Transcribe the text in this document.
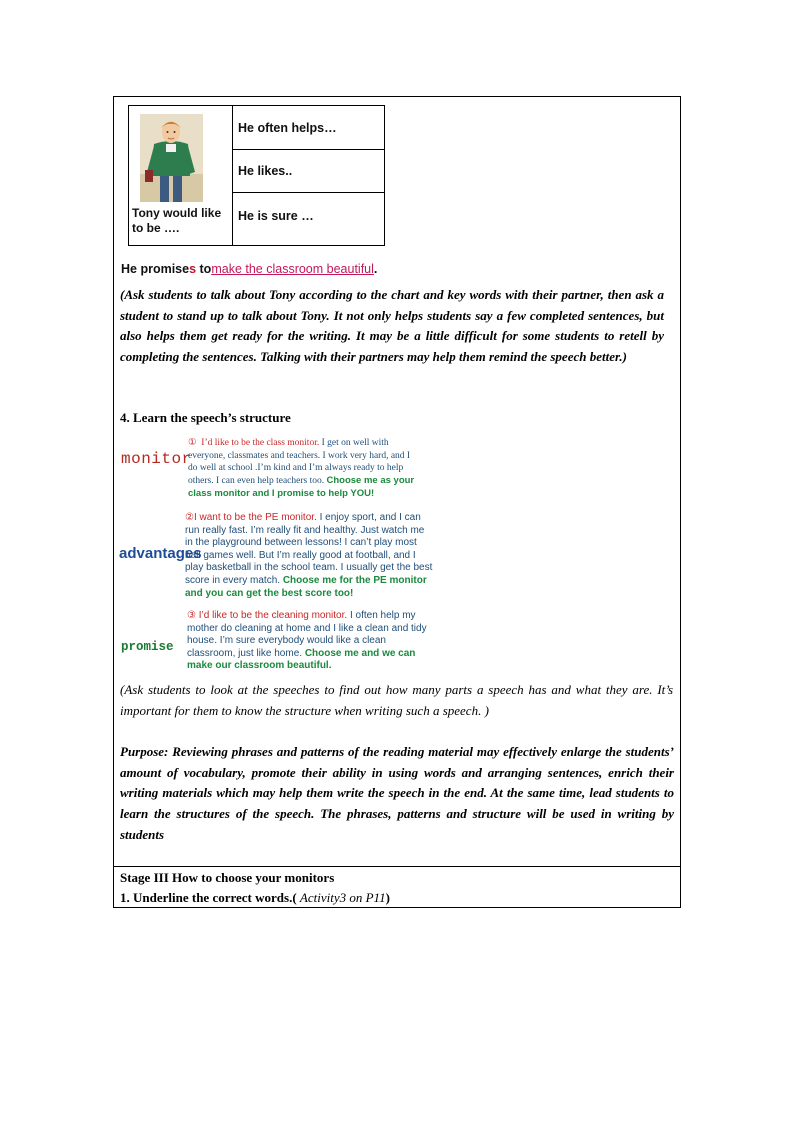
Tony would like to be ….
He often helps…
He likes..
He is sure …
He promises tomake the classroom beautiful.
(Ask students to talk about Tony according to the chart and key words with their partner, then ask a student to stand up to talk about Tony. It not only helps students say a few completed sentences, but also helps them get ready for the writing. It may be a little difficult for some students to retell by completing the sentences. Talking with their partners may help them remind the speech better.)
4. Learn the speech’s structure
monitor
advantages
promise
① I’d like to be the class monitor. I get on well with everyone, classmates and teachers. I work very hard, and I do well at school .I’m kind and I’m always ready to help others. I can even help teachers too. Choose me as your class monitor and I promise to help YOU!
②I want to be the PE monitor. I enjoy sport, and I can run really fast. I’m really fit and healthy. Just watch me in the playground between lessons! I can’t play most ball games well. But I’m really good at football, and I play basketball in the school team. I usually get the best score in every match. Choose me for the PE monitor and you can get the best score too!
③ I’d like to be the cleaning monitor. I often help my mother do cleaning at home and I like a clean and tidy house. I’m sure everybody would like a clean classroom, just like home. Choose me and we can make our classroom beautiful.
(Ask students to look at the speeches to find out how many parts a speech has and what they are. It’s important for them to know the structure when writing such a speech. )
Purpose: Reviewing phrases and patterns of the reading material may effectively enlarge the students’ amount of vocabulary, promote their ability in using words and arranging sentences, enrich their writing materials which may help them write the speech in the end. At the same time, lead students to learn the structures of the speech. The phrases, patterns and structure will be used in writing by students
Stage III How to choose your monitors
1. Underline the correct words.( Activity3 on P11)
